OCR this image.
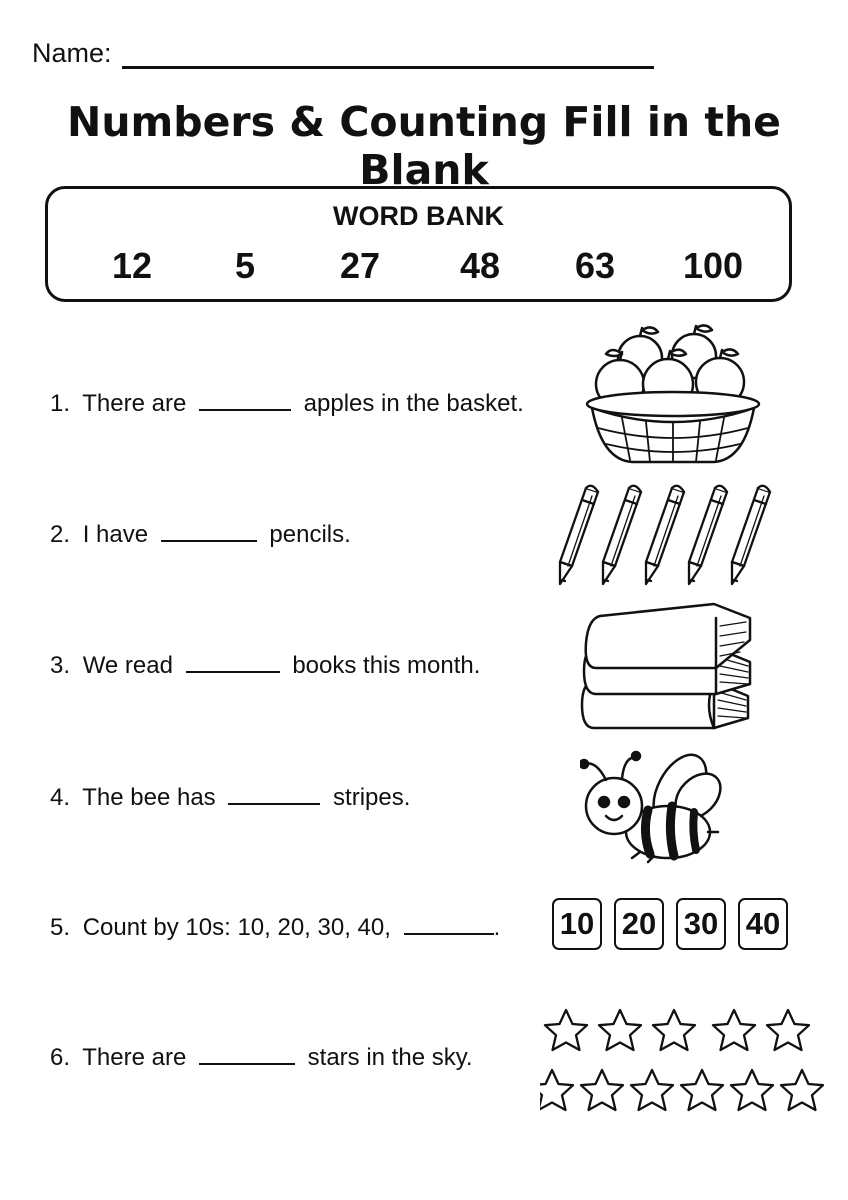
Name:
Numbers & Counting Fill in the Blank
WORD BANK
12 5 27 48 63 100
1. There are	apples in the basket.
2. I have	pencils.
3. We read	books this month.
4. The bee has	stripes.
5. Count by 10s: 10, 20, 30, 40,	.
6. There are	stars in the sky.
10 20 30 40
